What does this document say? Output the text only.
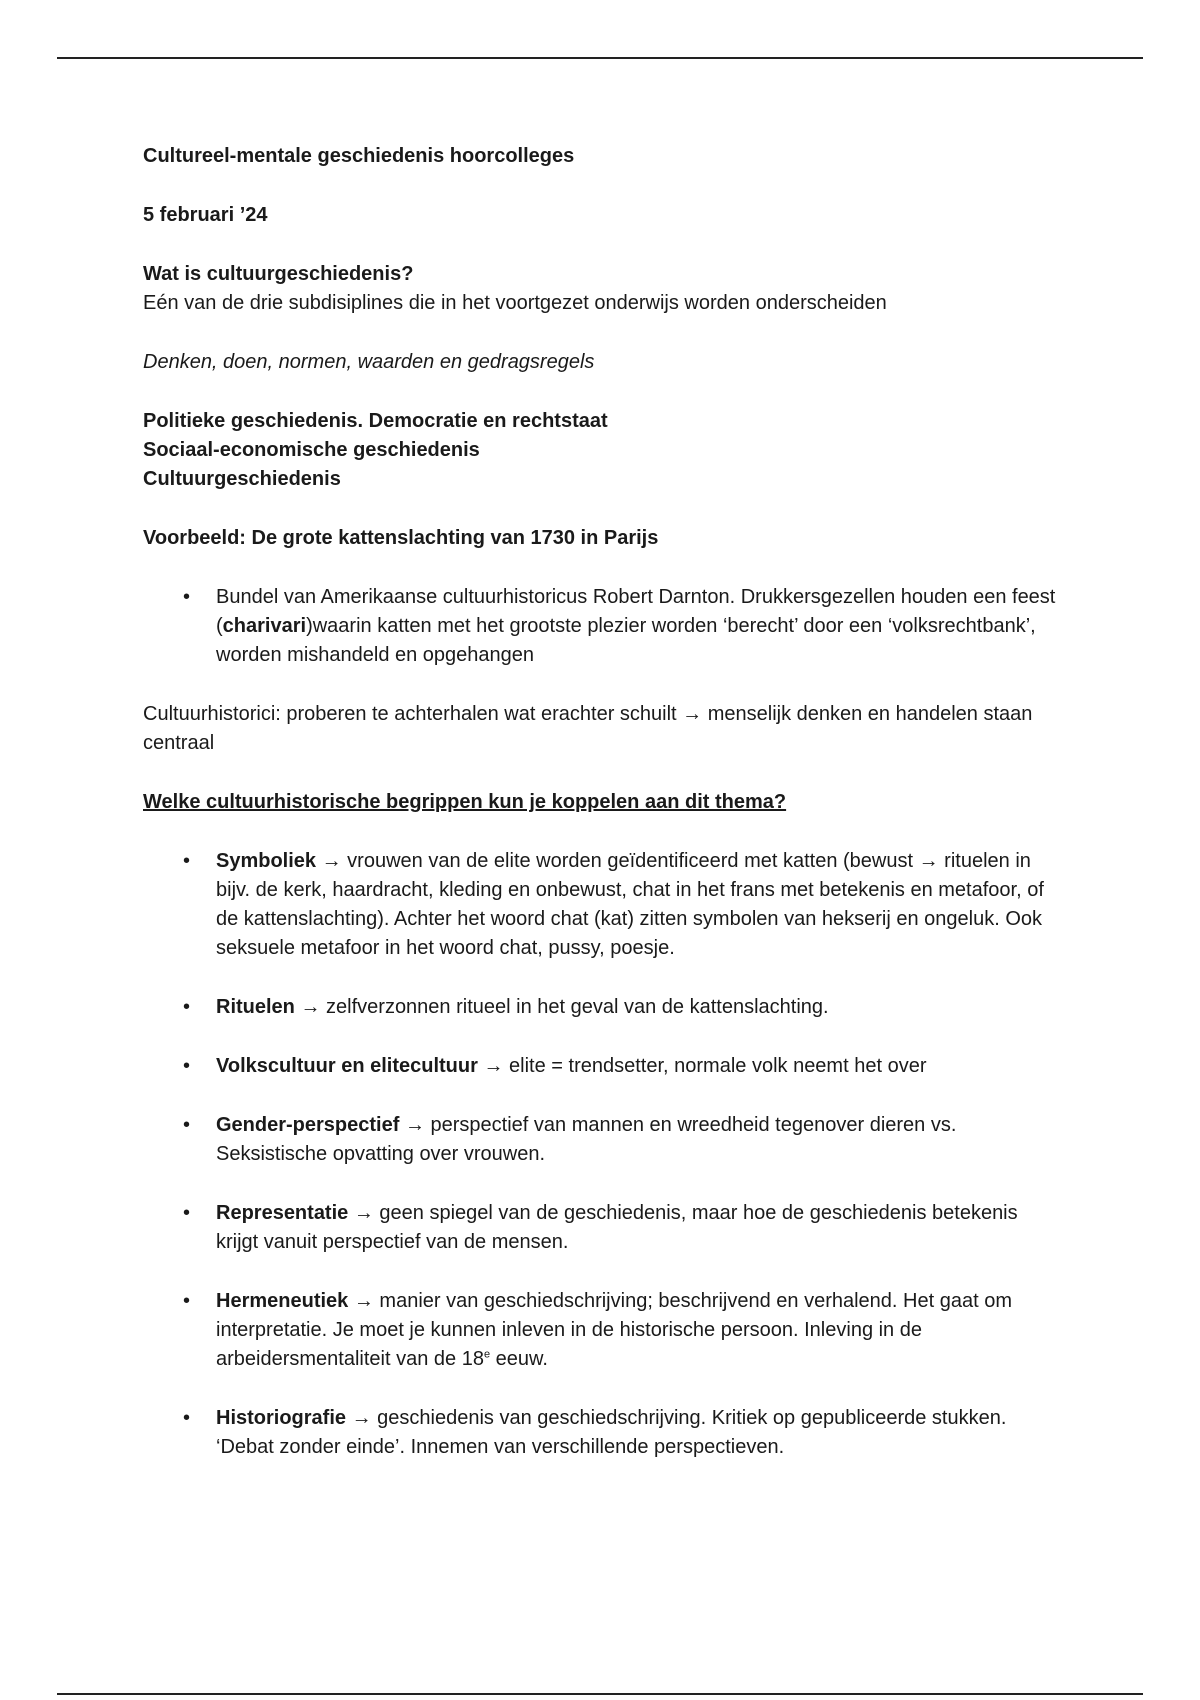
Cultureel-mentale geschiedenis hoorcolleges

5 februari ’24

Wat is cultuurgeschiedenis?

Eén van de drie subdisiplines die in het voortgezet onderwijs worden onderscheiden

Denken, doen, normen, waarden en gedragsregels

Politieke geschiedenis. Democratie en rechtstaat

Sociaal-economische geschiedenis

Cultuurgeschiedenis

Voorbeeld: De grote kattenslachting van 1730 in Parijs

• Bundel van Amerikaanse cultuurhistoricus Robert Darnton. Drukkersgezellen houden een feest (charivari)waarin katten met het grootste plezier worden ‘berecht’ door een ‘volksrechtbank’, worden mishandeld en opgehangen

Cultuurhistorici: proberen te achterhalen wat erachter schuilt → menselijk denken en handelen staan centraal

Welke cultuurhistorische begrippen kun je koppelen aan dit thema?

• Symboliek → vrouwen van de elite worden geïdentificeerd met katten (bewust → rituelen in bijv. de kerk, haardracht, kleding en onbewust, chat in het frans met betekenis en metafoor, of de kattenslachting). Achter het woord chat (kat) zitten symbolen van hekserij en ongeluk. Ook seksuele metafoor in het woord chat, pussy, poesje.
• Rituelen → zelfverzonnen ritueel in het geval van de kattenslachting.
• Volkscultuur en elitecultuur → elite = trendsetter, normale volk neemt het over
• Gender-perspectief → perspectief van mannen en wreedheid tegenover dieren vs. Seksistische opvatting over vrouwen.
• Representatie → geen spiegel van de geschiedenis, maar hoe de geschiedenis betekenis krijgt vanuit perspectief van de mensen.
• Hermeneutiek → manier van geschiedschrijving; beschrijvend en verhalend. Het gaat om interpretatie. Je moet je kunnen inleven in de historische persoon. Inleving in de arbeidersmentaliteit van de 18e eeuw.
• Historiografie → geschiedenis van geschiedschrijving. Kritiek op gepubliceerde stukken. ‘Debat zonder einde’. Innemen van verschillende perspectieven.
